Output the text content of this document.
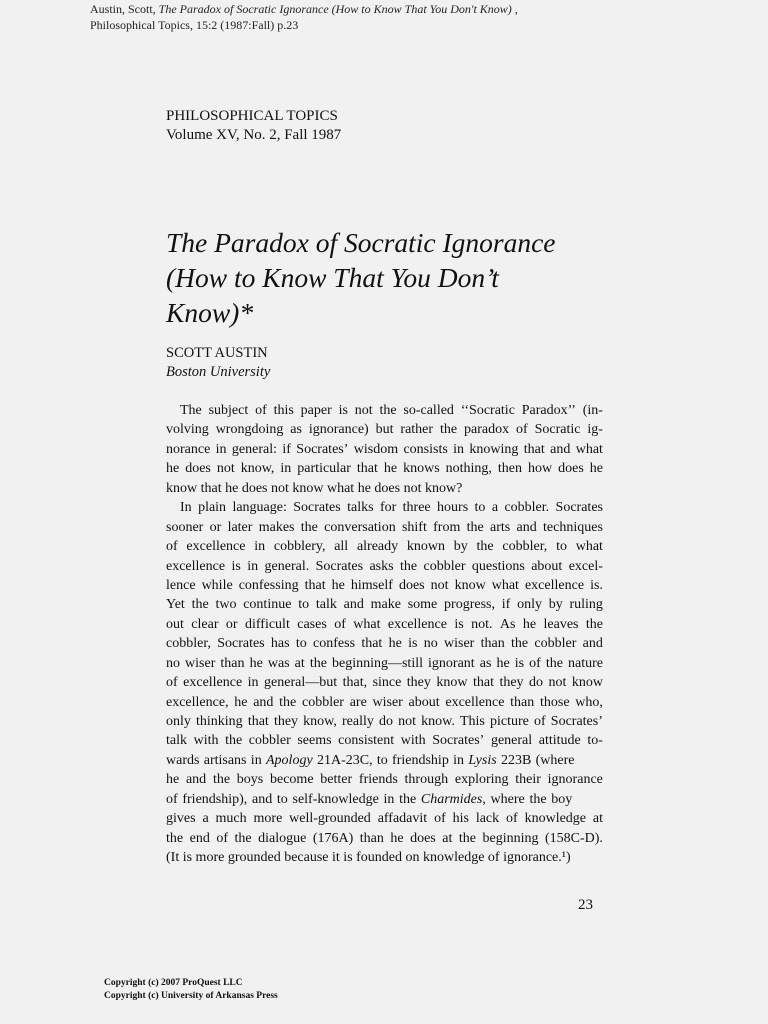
Austin, Scott, The Paradox of Socratic Ignorance (How to Know That You Don't Know) ,
Philosophical Topics, 15:2 (1987:Fall) p.23
PHILOSOPHICAL TOPICS
Volume XV, No. 2, Fall 1987
The Paradox of Socratic Ignorance
(How to Know That You Don’t
Know)*
SCOTT AUSTIN
Boston University
The subject of this paper is not the so-called ‘‘Socratic Paradox’’ (in-
volving wrongdoing as ignorance) but rather the paradox of Socratic ig-
norance in general: if Socrates’ wisdom consists in knowing that and what
he does not know, in particular that he knows nothing, then how does he
know that he does not know what he does not know?
In plain language: Socrates talks for three hours to a cobbler. Socrates
sooner or later makes the conversation shift from the arts and techniques
of excellence in cobblery, all already known by the cobbler, to what
excellence is in general. Socrates asks the cobbler questions about excel-
lence while confessing that he himself does not know what excellence is.
Yet the two continue to talk and make some progress, if only by ruling
out clear or difficult cases of what excellence is not. As he leaves the
cobbler, Socrates has to confess that he is no wiser than the cobbler and
no wiser than he was at the beginning—still ignorant as he is of the nature
of excellence in general—but that, since they know that they do not know
excellence, he and the cobbler are wiser about excellence than those who,
only thinking that they know, really do not know. This picture of Socrates’
talk with the cobbler seems consistent with Socrates’ general attitude to-
wards artisans in Apology 21A-23C, to friendship in Lysis 223B (where
he and the boys become better friends through exploring their ignorance
of friendship), and to self-knowledge in the Charmides , where the boy
gives a much more well-grounded affadavit of his lack of knowledge at
the end of the dialogue (176A) than he does at the beginning (158C-D).
(It is more grounded because it is founded on knowledge of ignorance.¹)
23
Copyright (c) 2007 ProQuest LLC
Copyright (c) University of Arkansas Press
